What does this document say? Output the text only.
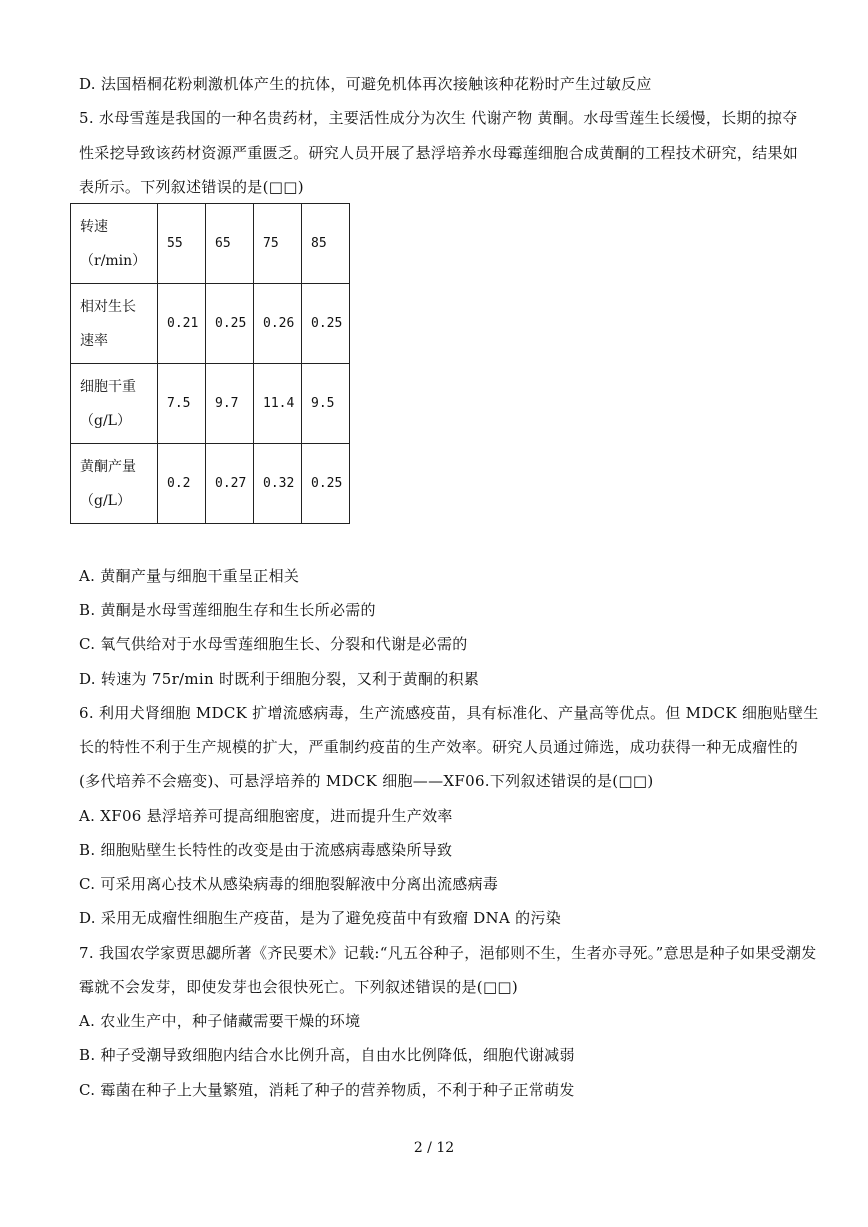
D. 法国梧桐花粉刺激机体产生的抗体，可避免机体再次接触该种花粉时产生过敏反应
5. 水母雪莲是我国的一种名贵药材，主要活性成分为次生 代谢产物 黄酮。水母雪莲生长缓慢，长期的掠夺
性采挖导致该药材资源严重匮乏。研究人员开展了悬浮培养水母霉莲细胞合成黄酮的工程技术研究，结果如
表所示。下列叙述错误的是(□□)
转速
（r/min）	55	65	75	85

相对生长
速率	0.21	0.25	0.26	0.25

细胞干重
（g/L）	7.5	9.7	11.4	9.5

黄酮产量
（g/L）	0.2	0.27	0.32	0.25
A. 黄酮产量与细胞干重呈正相关
B. 黄酮是水母雪莲细胞生存和生长所必需的
C. 氧气供给对于水母雪莲细胞生长、分裂和代谢是必需的
D. 转速为 75r/min 时既利于细胞分裂，又利于黄酮的积累
6. 利用犬肾细胞 MDCK 扩增流感病毒，生产流感疫苗，具有标准化、产量高等优点。但 MDCK 细胞贴壁生
长的特性不利于生产规模的扩大，严重制约疫苗的生产效率。研究人员通过筛选，成功获得一种无成瘤性的
(多代培养不会癌变)、可悬浮培养的 MDCK 细胞——XF06.下列叙述错误的是(□□)
A. XF06 悬浮培养可提高细胞密度，进而提升生产效率
B. 细胞贴壁生长特性的改变是由于流感病毒感染所导致
C. 可采用离心技术从感染病毒的细胞裂解液中分离出流感病毒
D. 采用无成瘤性细胞生产疫苗，是为了避免疫苗中有致瘤 DNA 的污染
7. 我国农学家贾思勰所著《齐民要术》记载:“凡五谷种子，浥郁则不生，生者亦寻死。”意思是种子如果受潮发
霉就不会发芽，即使发芽也会很快死亡。下列叙述错误的是(□□)
A. 农业生产中，种子储藏需要干燥的环境
B. 种子受潮导致细胞内结合水比例升高，自由水比例降低，细胞代谢减弱
C. 霉菌在种子上大量繁殖，消耗了种子的营养物质，不利于种子正常萌发
2 / 12
